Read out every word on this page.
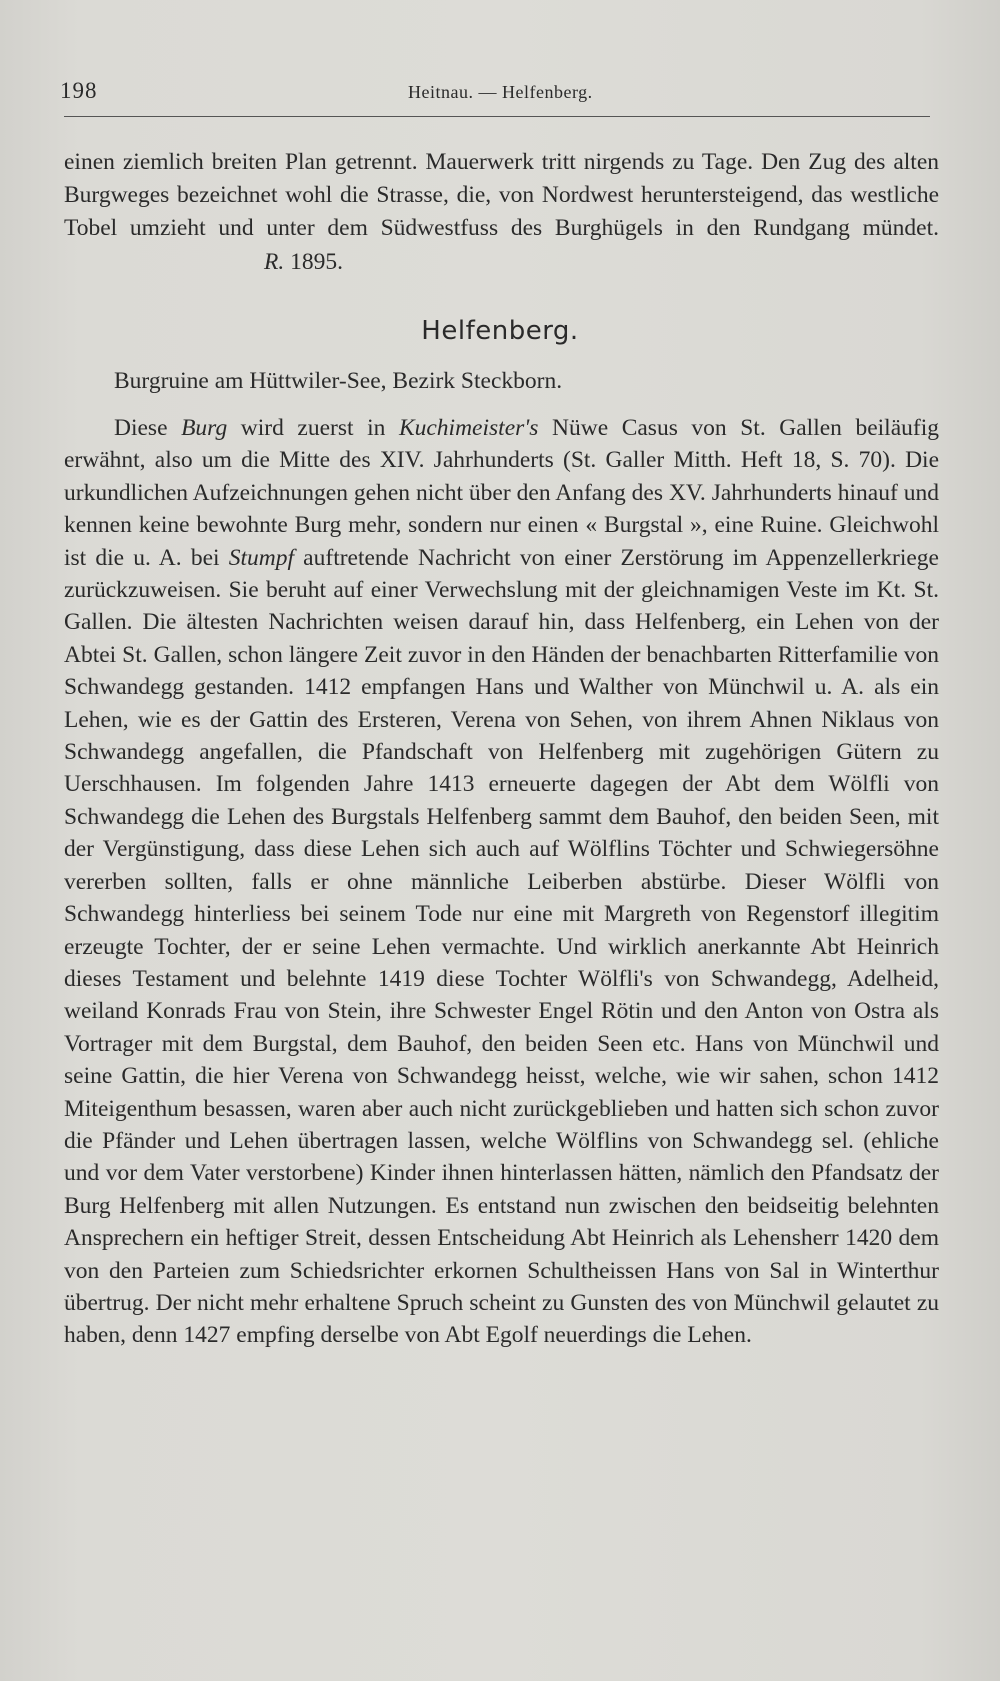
198	Heitnau. — Helfenberg.

einen ziemlich breiten Plan getrennt. Mauerwerk tritt nirgends zu Tage. Den Zug des alten Burgweges bezeichnet wohl die Strasse, die, von Nordwest heruntersteigend, das westliche Tobel umzieht und unter dem Südwestfuss des Burghügels in den Rundgang mündet.R. 1895.

Helfenberg.
Burgruine am Hüttwiler-See, Bezirk Steckborn.
Diese Burg wird zuerst in Kuchimeister's Nüwe Casus von St. Gallen beiläufig erwähnt, also um die Mitte des XIV. Jahrhunderts (St. Galler Mitth. Heft 18, S. 70). Die urkundlichen Aufzeichnungen gehen nicht über den Anfang des XV. Jahrhunderts hinauf und kennen keine bewohnte Burg mehr, sondern nur einen « Burgstal », eine Ruine. Gleichwohl ist die u. A. bei Stumpf auftretende Nachricht von einer Zerstörung im Appenzellerkriege zurückzuweisen. Sie beruht auf einer Verwechslung mit der gleichnamigen Veste im Kt. St. Gallen. Die ältesten Nachrichten weisen darauf hin, dass Helfenberg, ein Lehen von der Abtei St. Gallen, schon längere Zeit zuvor in den Händen der benachbarten Ritterfamilie von Schwandegg gestanden. 1412 empfangen Hans und Walther von Münchwil u. A. als ein Lehen, wie es der Gattin des Ersteren, Verena von Sehen, von ihrem Ahnen Niklaus von Schwandegg angefallen, die Pfandschaft von Helfenberg mit zugehörigen Gütern zu Uerschhausen. Im folgenden Jahre 1413 erneuerte dagegen der Abt dem Wölfli von Schwandegg die Lehen des Burgstals Helfenberg sammt dem Bauhof, den beiden Seen, mit der Vergünstigung, dass diese Lehen sich auch auf Wölflins Töchter und Schwiegersöhne vererben sollten, falls er ohne männliche Leiberben abstürbe. Dieser Wölfli von Schwandegg hinterliess bei seinem Tode nur eine mit Margreth von Regenstorf illegitim erzeugte Tochter, der er seine Lehen vermachte. Und wirklich anerkannte Abt Heinrich dieses Testament und belehnte 1419 diese Tochter Wölfli's von Schwandegg, Adelheid, weiland Konrads Frau von Stein, ihre Schwester Engel Rötin und den Anton von Ostra als Vortrager mit dem Burgstal, dem Bauhof, den beiden Seen etc. Hans von Münchwil und seine Gattin, die hier Verena von Schwandegg heisst, welche, wie wir sahen, schon 1412 Miteigenthum besassen, waren aber auch nicht zurückgeblieben und hatten sich schon zuvor die Pfänder und Lehen übertragen lassen, welche Wölflins von Schwandegg sel. (ehliche und vor dem Vater verstorbene) Kinder ihnen hinterlassen hätten, nämlich den Pfandsatz der Burg Helfenberg mit allen Nutzungen. Es entstand nun zwischen den beidseitig belehnten Ansprechern ein heftiger Streit, dessen Entscheidung Abt Heinrich als Lehensherr 1420 dem von den Parteien zum Schiedsrichter erkornen Schultheissen Hans von Sal in Winterthur übertrug. Der nicht mehr erhaltene Spruch scheint zu Gunsten des von Münchwil gelautet zu haben, denn 1427 empfing derselbe von Abt Egolf neuerdings die Lehen.
